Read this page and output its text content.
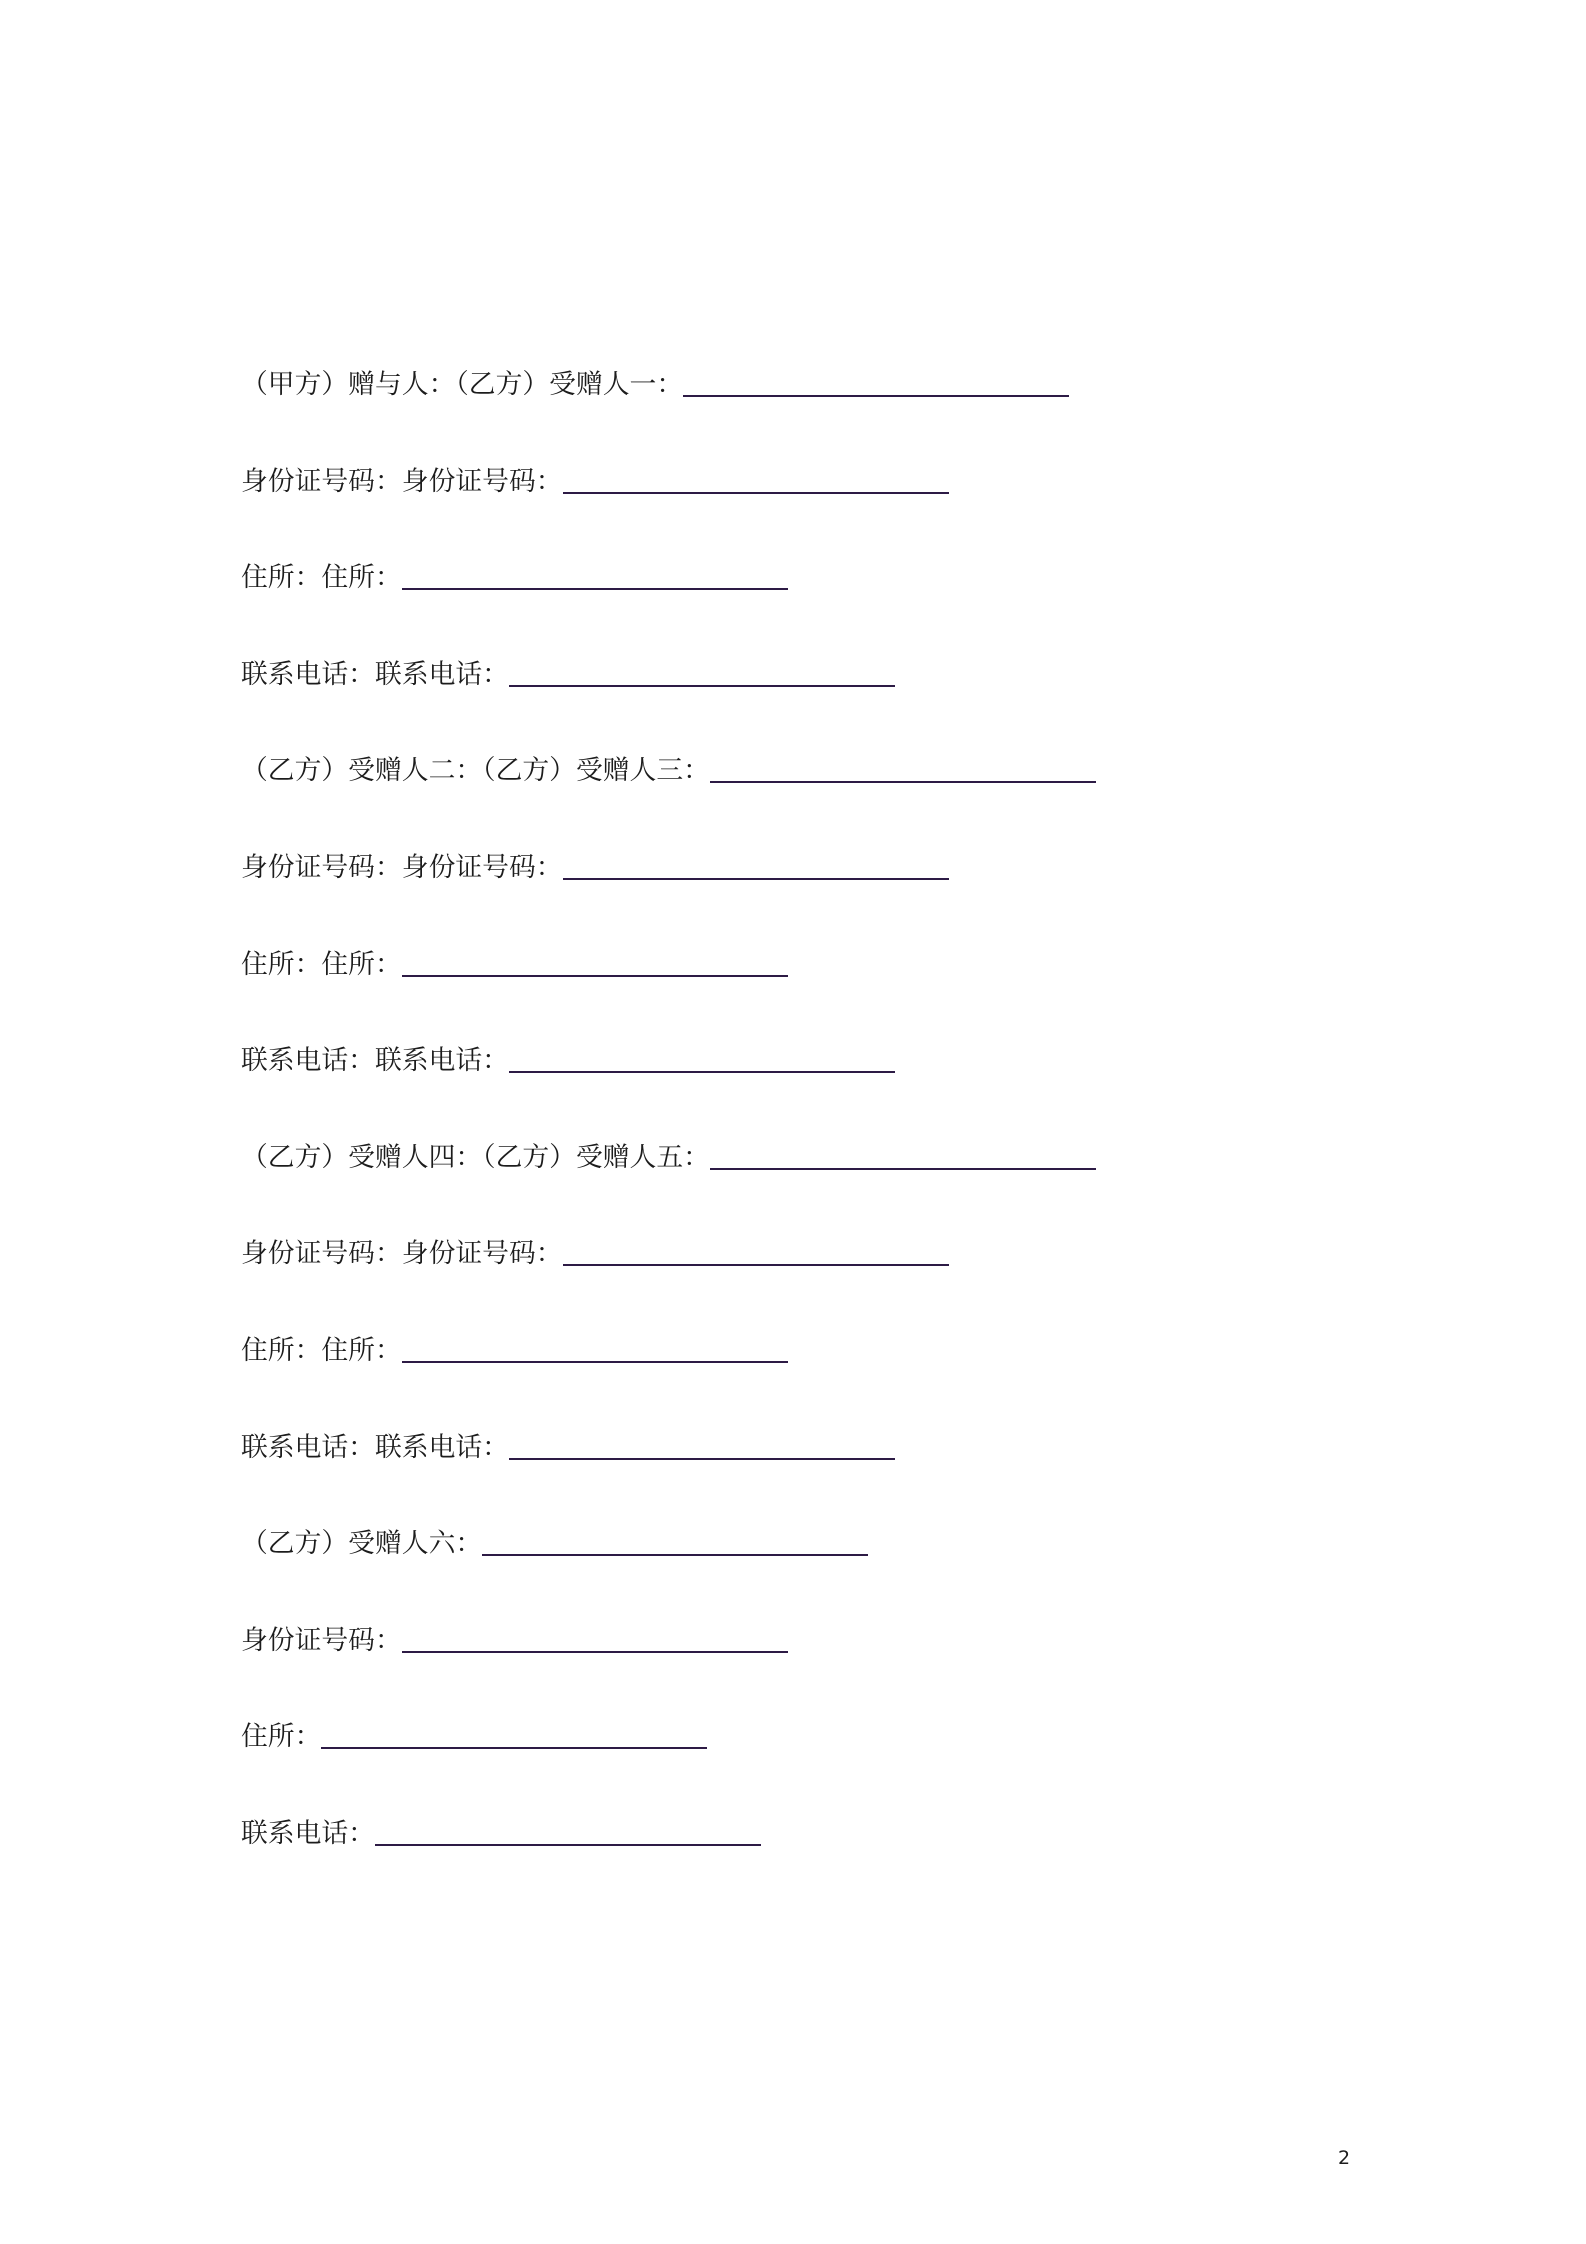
（甲方）赠与人：（乙方）受赠人一：
身份证号码：身份证号码：
住所：住所：
联系电话：联系电话：
（乙方）受赠人二：（乙方）受赠人三：
身份证号码：身份证号码：
住所：住所：
联系电话：联系电话：
（乙方）受赠人四：（乙方）受赠人五：
身份证号码：身份证号码：
住所：住所：
联系电话：联系电话：
（乙方）受赠人六：
身份证号码：
住所：
联系电话：
2
